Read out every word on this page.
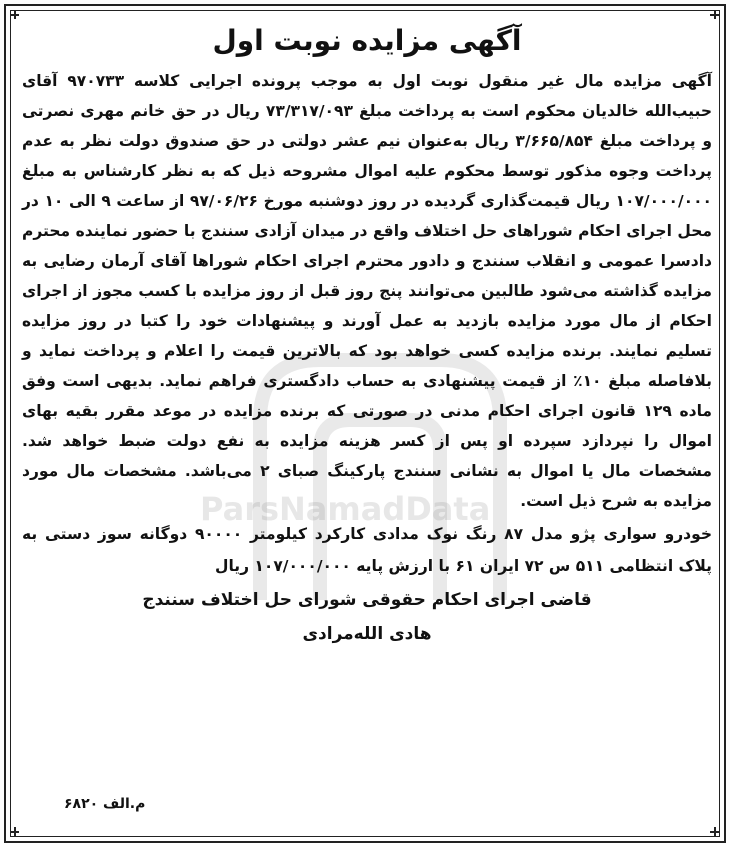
ParsNamadData
آگهی مزایده نوبت اول

آگهی مزایده مال غیر منقول نوبت اول به موجب پرونده اجرایی کلاسه ۹۷۰۷۳۳ آقای حبیب‌الله خالدیان محکوم است به پرداخت مبلغ ۷۳/۳۱۷/۰۹۳ ریال در حق خانم مهری نصرتی و پرداخت مبلغ ۳/۶۶۵/۸۵۴ ریال به‌عنوان نیم عشر دولتی در حق صندوق دولت نظر به عدم پرداخت وجوه مذکور توسط محکوم علیه اموال مشروحه ذیل که به نظر کارشناس به مبلغ ۱۰۷/۰۰۰/۰۰۰ ریال قیمت‌گذاری گردیده در روز دوشنبه مورخ ۹۷/۰۶/۲۶ از ساعت ۹ الی ۱۰ در محل اجرای احکام شوراهای حل اختلاف واقع در میدان آزادی سنندج با حضور نماینده محترم دادسرا عمومی و انقلاب سنندج و دادور محترم اجرای احکام شوراها آقای آرمان رضایی به مزایده گذاشته می‌شود طالبین می‌توانند پنج روز قبل از روز مزایده با کسب مجوز از اجرای احکام از مال مورد مزایده بازدید به عمل آورند و پیشنهادات خود را کتبا در روز مزایده تسلیم نمایند. برنده مزایده کسی خواهد بود که بالاترین قیمت را اعلام و پرداخت نماید و بلافاصله مبلغ ۱۰٪ از قیمت پیشنهادی به حساب دادگستری فراهم نماید. بدیهی است وفق ماده ۱۲۹ قانون اجرای احکام مدنی در صورتی که برنده مزایده در موعد مقرر بقیه بهای اموال را نپردازد سپرده او پس از کسر هزینه مزایده به نفع دولت ضبط خواهد شد. مشخصات مال یا اموال به نشانی سنندج پارکینگ صبای ۲ می‌باشد. مشخصات مال مورد مزایده به شرح ذیل است.

خودرو سواری پژو مدل ۸۷ رنگ نوک مدادی کارکرد کیلومتر ۹۰۰۰۰ دوگانه سوز دستی به پلاک انتظامی ۵۱۱ س ۷۲ ایران ۶۱ با ارزش پایه ۱۰۷/۰۰۰/۰۰۰ ریال

قاضی اجرای احکام حقوقی شورای حل اختلاف سنندج

هادی الله‌مرادی

م.الف ۶۸۲۰
